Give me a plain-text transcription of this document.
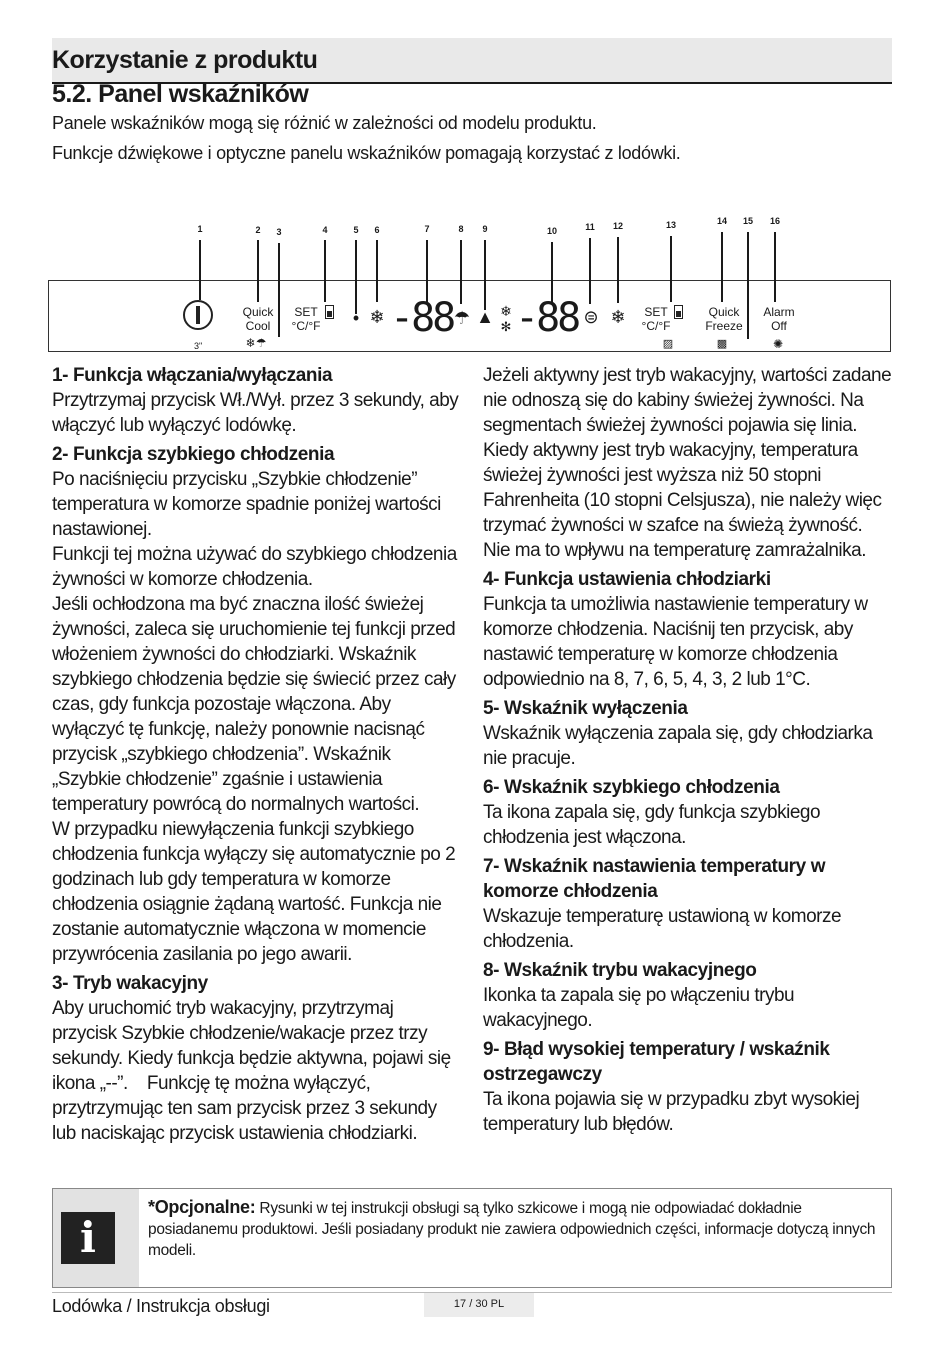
Korzystanie z produktu
5.2. Panel wskaźników
Panele wskaźników mogą się różnić w zależności od modelu produktu.
Funkcje dźwiękowe i optyczne panelu wskaźników pomagają korzystać z lodówki.
1	2 3	4	5 6	7	8 9	10	11 12	13	14 15 16
3"
Quick
Cool
❄☂
SET
°C/°F • ❄ -88 ☂ ▲ ❄
✻ -88 ⊜ ❄ SET
°C/°F
▨
Quick
Freeze
▩
Alarm
Off
✺
1- Funkcja włączania/wyłączania

Przytrzymaj przycisk Wł./Wył. przez 3 sekundy, aby włączyć lub wyłączyć lodówkę.

2- Funkcja szybkiego chłodzenia

Po naciśnięciu przycisku „Szybkie chłodzenie” temperatura w komorze spadnie poniżej wartości nastawionej.
Funkcji tej można używać do szybkiego chłodzenia żywności w komorze chłodzenia.
Jeśli ochłodzona ma być znaczna ilość świeżej żywności, zaleca się uruchomienie tej funkcji przed włożeniem żywności do chłodziarki. Wskaźnik szybkiego chłodzenia będzie się świecić przez cały czas, gdy funkcja pozostaje włączona. Aby wyłączyć tę funkcję, należy ponownie nacisnąć przycisk „szybkiego chłodzenia”. Wskaźnik „Szybkie chłodzenie” zgaśnie i ustawienia temperatury powrócą do normalnych wartości.
W przypadku niewyłączenia funkcji szybkiego chłodzenia funkcja wyłączy się automatycznie po 2 godzinach lub gdy temperatura w komorze chłodzenia osiągnie żądaną wartość. Funkcja nie zostanie automatycznie włączona w momencie przywrócenia zasilania po jego awarii.

3- Tryb wakacyjny

Aby uruchomić tryb wakacyjny, przytrzymaj przycisk Szybkie chłodzenie/wakacje przez trzy sekundy. Kiedy funkcja będzie aktywna, pojawi się ikona „--”.    Funkcję tę można wyłączyć, przytrzymując ten sam przycisk przez 3 sekundy lub naciskając przycisk ustawienia chłodziarki.

Jeżeli aktywny jest tryb wakacyjny, wartości zadane nie odnoszą się do kabiny świeżej żywności. Na segmentach świeżej żywności pojawia się linia. Kiedy aktywny jest tryb wakacyjny, temperatura świeżej żywności jest wyższa niż 50 stopni Fahrenheita (10 stopni Celsjusza), nie należy więc trzymać żywności w szafce na świeżą żywność. Nie ma to wpływu na temperaturę zamrażalnika.

4- Funkcja ustawienia chłodziarki

Funkcja ta umożliwia nastawienie temperatury w komorze chłodzenia. Naciśnij ten przycisk, aby nastawić temperaturę w komorze chłodzenia odpowiednio na 8, 7, 6, 5, 4, 3, 2 lub 1°C.

5- Wskaźnik wyłączenia

Wskaźnik wyłączenia zapala się, gdy chłodziarka nie pracuje.

6- Wskaźnik szybkiego chłodzenia

Ta ikona zapala się, gdy funkcja szybkiego chłodzenia jest włączona.

7- Wskaźnik nastawienia temperatury w komorze chłodzenia

Wskazuje temperaturę ustawioną w komorze chłodzenia.

8- Wskaźnik trybu wakacyjnego

Ikonka ta zapala się po włączeniu trybu wakacyjnego.

9- Błąd wysokiej temperatury / wskaźnik ostrzegawczy

Ta ikona pojawia się w przypadku zbyt wysokiej temperatury lub błędów.

i
*Opcjonalne: Rysunki w tej instrukcji obsługi są tylko szkicowe i mogą nie odpowiadać dokładnie posiadanemu produktowi. Jeśli posiadany produkt nie zawiera odpowiednich części, informacje dotyczą innych modeli.
Lodówka / Instrukcja obsługi	17 / 30 PL
